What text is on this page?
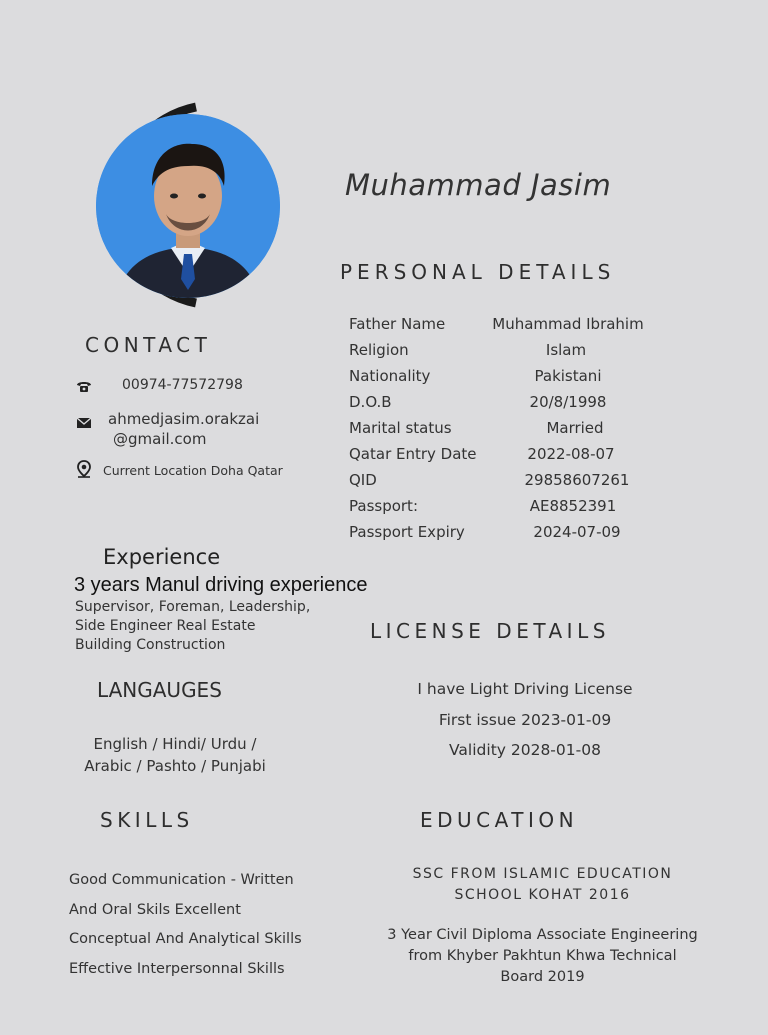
Muhammad Jasim
PERSONAL DETAILS
Father Name	Muhammad Ibrahim
Religion	Islam
Nationality	Pakistani
D.O.B	20/8/1998
Marital status	Married
Qatar Entry Date	2022-08-07
QID	29858607261
Passport:	AE8852391
Passport Expiry	2024-07-09
CONTACT
00974-77572798
ahmedjasim.orakzai
@gmail.com
Current Location Doha Qatar
Experience
3 years Manul driving experience
Supervisor, Foreman, Leadership,
Side Engineer Real Estate
Building Construction
LICENSE DETAILS
I have Light Driving License
First issue 2023-01-09
Validity 2028-01-08
LANGAUGES
English / Hindi/ Urdu /
Arabic / Pashto / Punjabi
SKILLS
Good Communication - Written
And Oral Skils Excellent
Conceptual And Analytical Skills
Effective Interpersonnal Skills
EDUCATION
SSC FROM ISLAMIC EDUCATION
SCHOOL KOHAT 2016
3 Year Civil Diploma Associate Engineering
from Khyber Pakhtun Khwa Technical
Board 2019
